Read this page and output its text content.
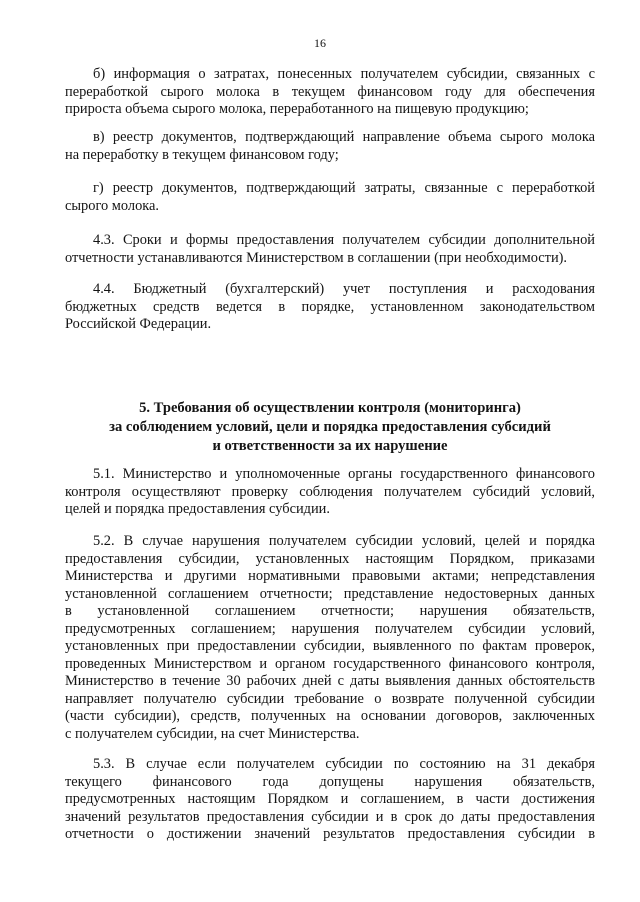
16
б) информация о затратах, понесенных получателем субсидии, связанных с
переработкой сырого молока в текущем финансовом году для обеспечения
прироста объема сырого молока, переработанного на пищевую продукцию;
в) реестр документов, подтверждающий направление объема сырого молока
на переработку в текущем финансовом году;
г) реестр документов, подтверждающий затраты, связанные с переработкой
сырого молока.
4.3. Сроки и формы предоставления получателем субсидии дополнительной
отчетности устанавливаются Министерством в соглашении (при необходимости).
4.4. Бюджетный (бухгалтерский) учет поступления и расходования
бюджетных средств ведется в порядке, установленном законодательством
Российской Федерации.
5. Требования об осуществлении контроля (мониторинга)
за соблюдением условий, цели и порядка предоставления субсидий
и ответственности за их нарушение
5.1. Министерство и уполномоченные органы государственного финансового
контроля осуществляют проверку соблюдения получателем субсидий условий,
целей и порядка предоставления субсидии.
5.2. В случае нарушения получателем субсидии условий, целей и порядка
предоставления субсидии, установленных настоящим Порядком, приказами
Министерства и другими нормативными правовыми актами; непредставления
установленной соглашением отчетности; представление недостоверных данных
в установленной соглашением отчетности; нарушения обязательств,
предусмотренных соглашением; нарушения получателем субсидии условий,
установленных при предоставлении субсидии, выявленного по фактам проверок,
проведенных Министерством и органом государственного финансового контроля,
Министерство в течение 30 рабочих дней с даты выявления данных обстоятельств
направляет получателю субсидии требование о возврате полученной субсидии
(части субсидии), средств, полученных на основании договоров, заключенных
с получателем субсидии, на счет Министерства.
5.3. В случае если получателем субсидии по состоянию на 31 декабря
текущего финансового года допущены нарушения обязательств,
предусмотренных настоящим Порядком и соглашением, в части достижения
значений результатов предоставления субсидии и в срок до даты предоставления
отчетности о достижении значений результатов предоставления субсидии в
